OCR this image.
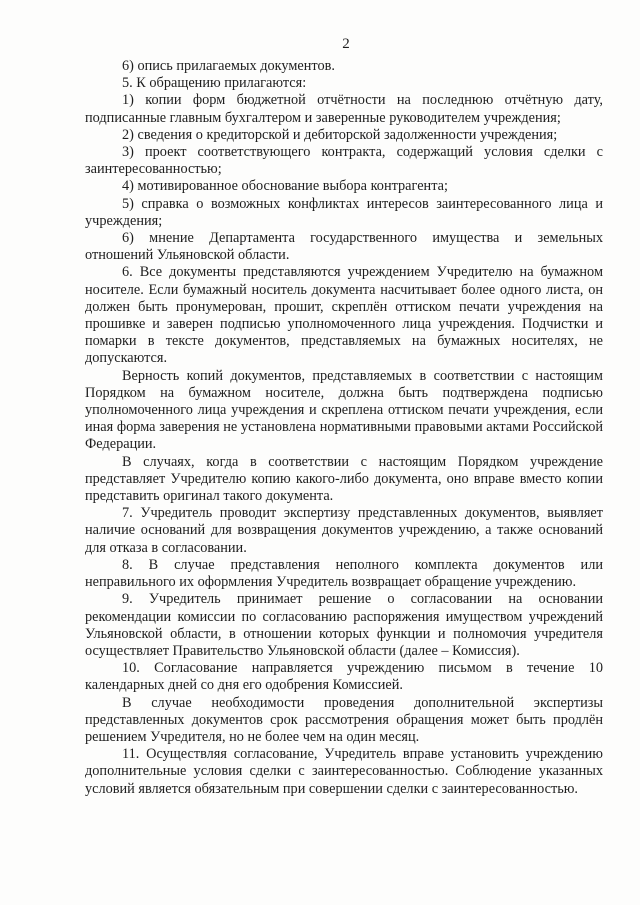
2

6) опись прилагаемых документов.

5. К обращению прилагаются:

1) копии форм бюджетной отчётности на последнюю отчётную дату, подписанные главным бухгалтером и заверенные руководителем учреждения;

2) сведения о кредиторской и дебиторской задолженности учреждения;

3) проект соответствующего контракта, содержащий условия сделки с заинтересованностью;

4) мотивированное обоснование выбора контрагента;

5) справка о возможных конфликтах интересов заинтересованного лица и учреждения;

6) мнение Департамента государственного имущества и земельных отношений Ульяновской области.

6. Все документы представляются учреждением Учредителю на бумажном носителе. Если бумажный носитель документа насчитывает более одного листа, он должен быть пронумерован, прошит, скреплён оттиском печати учреждения на прошивке и заверен подписью уполномоченного лица учреждения. Подчистки и помарки в тексте документов, представляемых на бумажных носителях, не допускаются.

Верность копий документов, представляемых в соответствии с настоящим Порядком на бумажном носителе, должна быть подтверждена подписью уполномоченного лица учреждения и скреплена оттиском печати учреждения, если иная форма заверения не установлена нормативными правовыми актами Российской Федерации.

В случаях, когда в соответствии с настоящим Порядком учреждение представляет Учредителю копию какого-либо документа, оно вправе вместо копии представить оригинал такого документа.

7. Учредитель проводит экспертизу представленных документов, выявляет наличие оснований для возвращения документов учреждению, а также оснований для отказа в согласовании.

8. В случае представления неполного комплекта документов или неправильного их оформления Учредитель возвращает обращение учреждению.

9. Учредитель принимает решение о согласовании на основании рекомендации комиссии по согласованию распоряжения имуществом учреждений Ульяновской области, в отношении которых функции и полномочия учредителя осуществляет Правительство Ульяновской области (далее – Комиссия).

10. Согласование направляется учреждению письмом в течение 10 календарных дней со дня его одобрения Комиссией.

В случае необходимости проведения дополнительной экспертизы представленных документов срок рассмотрения обращения может быть продлён решением Учредителя, но не более чем на один месяц.

11. Осуществляя согласование, Учредитель вправе установить учреждению дополнительные условия сделки с заинтересованностью. Соблюдение указанных условий является обязательным при совершении сделки с заинтересованностью.
